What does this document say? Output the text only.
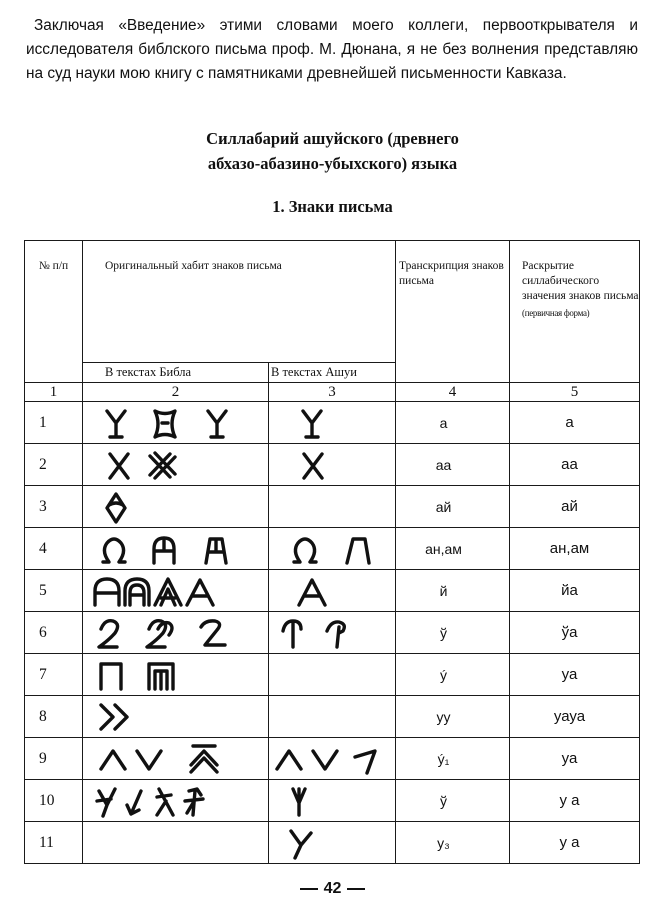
Заключая «Введение» этими словами моего коллеги, первооткрывателя и исследователя библского письма проф. М. Дюнана, я не без волнения представляю на суд науки мою книгу с памятниками древнейшей письменности Кавказа.

Силлабарий ашуйского (древнего

абхазо-абазино-убыхского) языка

1. Знаки письма

№ п/п	Оригинальный хабит знаков письма		Транскрипция знаков письма	Раскрытие силлабического значения знаков письма
(первичная форма)

	В текстах Библа	В текстах Ашуи		
1	2	3	4	5
1			а	а
2			аа	аа
3			ай	ай
4			ан,ам	ан,ам
5			й	йа
6			ў	ўа
7			ý	уа
8			уу	уауа
9			ý₁	уа
10			ў	у а
11			у₃	у а
42
